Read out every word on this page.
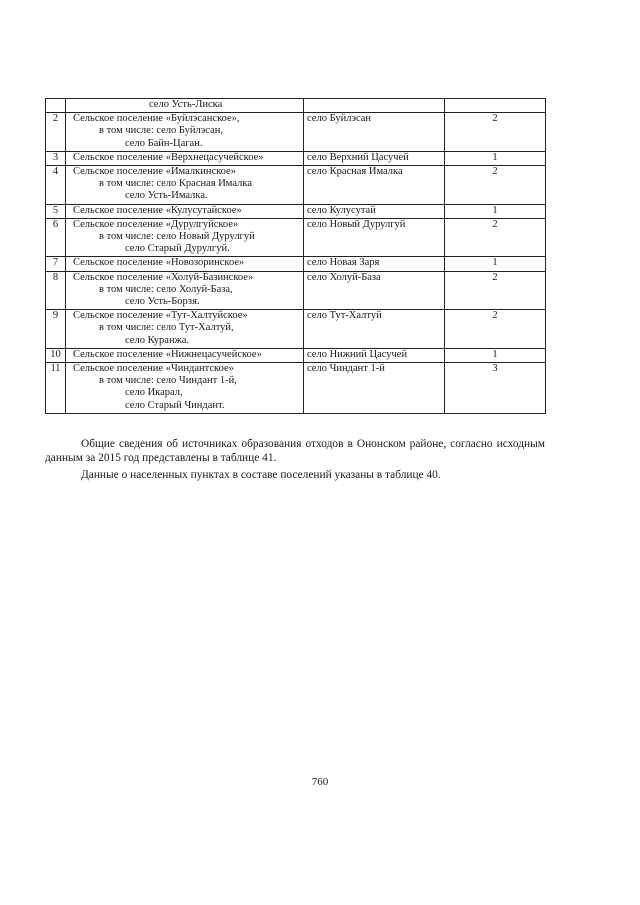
	село Усть-Лиска		

2	Сельское поселение «Буйлэсанское»,
в том числе: село Буйлэсан,
село Байн-Цаган.	село Буйлэсан	2
3	Сельское поселение «Верхнецасучейское»	село Верхний Цасучей	1
4	Сельское поселение «Ималкинское»
в том числе: село Красная Ималка
село Усть-Ималка.	село Красная Ималка	2
5	Сельское поселение «Кулусутайское»	село Кулусутай	1
6	Сельское поселение «Дурулгуйское»
в том числе: село Новый Дурулгуй
село Старый Дурулгуй.	село Новый Дурулгуй	2
7	Сельское поселение «Новозоринское»	село Новая Заря	1
8	Сельское поселение «Холуй-Базинское»
в том числе: село Холуй-База,
село Усть-Борзя.	село Холуй-База	2
9	Сельское поселение «Тут-Халтуйское»
в том числе: село Тут-Халтуй,
село Куранжа.	село Тут-Халтуй	2
10	Сельское поселение «Нижнецасучейское»	село Нижний Цасучей	1
11	Сельское поселение «Чиндантское»
в том числе: село Чиндант 1-й,
село Икарал,
село Старый Чиндант.	село Чиндант 1-й	3

Общие сведения об источниках образования отходов в Ононском районе, согласно исходным данным за 2015 год представлены в таблице 41.

Данные о населенных пунктах в составе поселений указаны в таблице 40.

760
